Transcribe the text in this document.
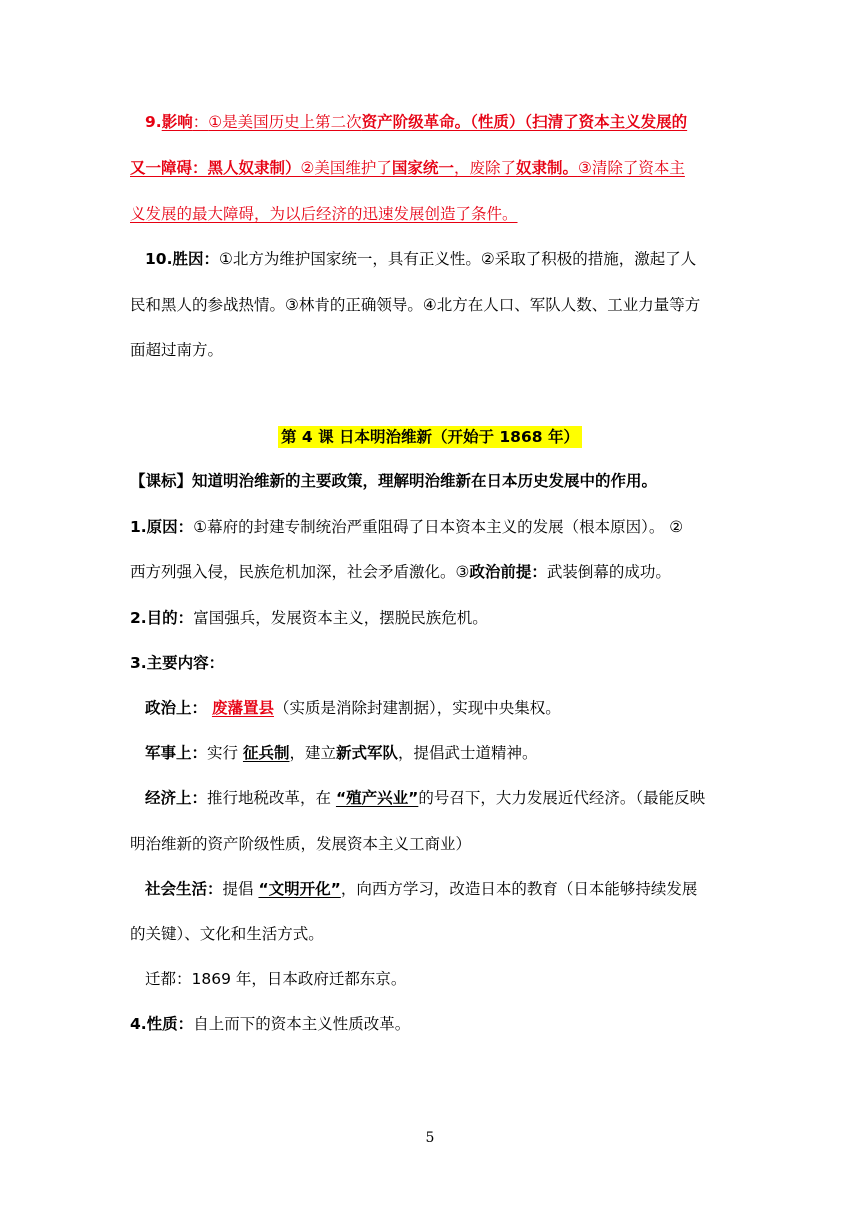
9.影响：①是美国历史上第二次资产阶级革命。（性质）（扫清了资本主义发展的
又一障碍：黑人奴隶制）②美国维护了国家统一，废除了奴隶制。③清除了资本主
义发展的最大障碍，为以后经济的迅速发展创造了条件。
10.胜因：①北方为维护国家统一，具有正义性。②采取了积极的措施，激起了人
民和黑人的参战热情。③林肯的正确领导。④北方在人口、军队人数、工业力量等方
面超过南方。
第 4 课 日本明治维新（开始于 1868 年）
【课标】知道明治维新的主要政策，理解明治维新在日本历史发展中的作用。
1.原因：①幕府的封建专制统治严重阻碍了日本资本主义的发展（根本原因）。 ②
西方列强入侵，民族危机加深，社会矛盾激化。③政治前提：武装倒幕的成功。
2.目的：富国强兵，发展资本主义，摆脱民族危机。
3.主要内容：
政治上： 废藩置县（实质是消除封建割据），实现中央集权。
军事上：实行 征兵制，建立新式军队，提倡武士道精神。
经济上：推行地税改革，在 “殖产兴业”的号召下，大力发展近代经济。（最能反映
明治维新的资产阶级性质，发展资本主义工商业）
社会生活：提倡 “文明开化”，向西方学习，改造日本的教育（日本能够持续发展
的关键）、文化和生活方式。
迁都：1869 年，日本政府迁都东京。
4.性质：自上而下的资本主义性质改革。
5
